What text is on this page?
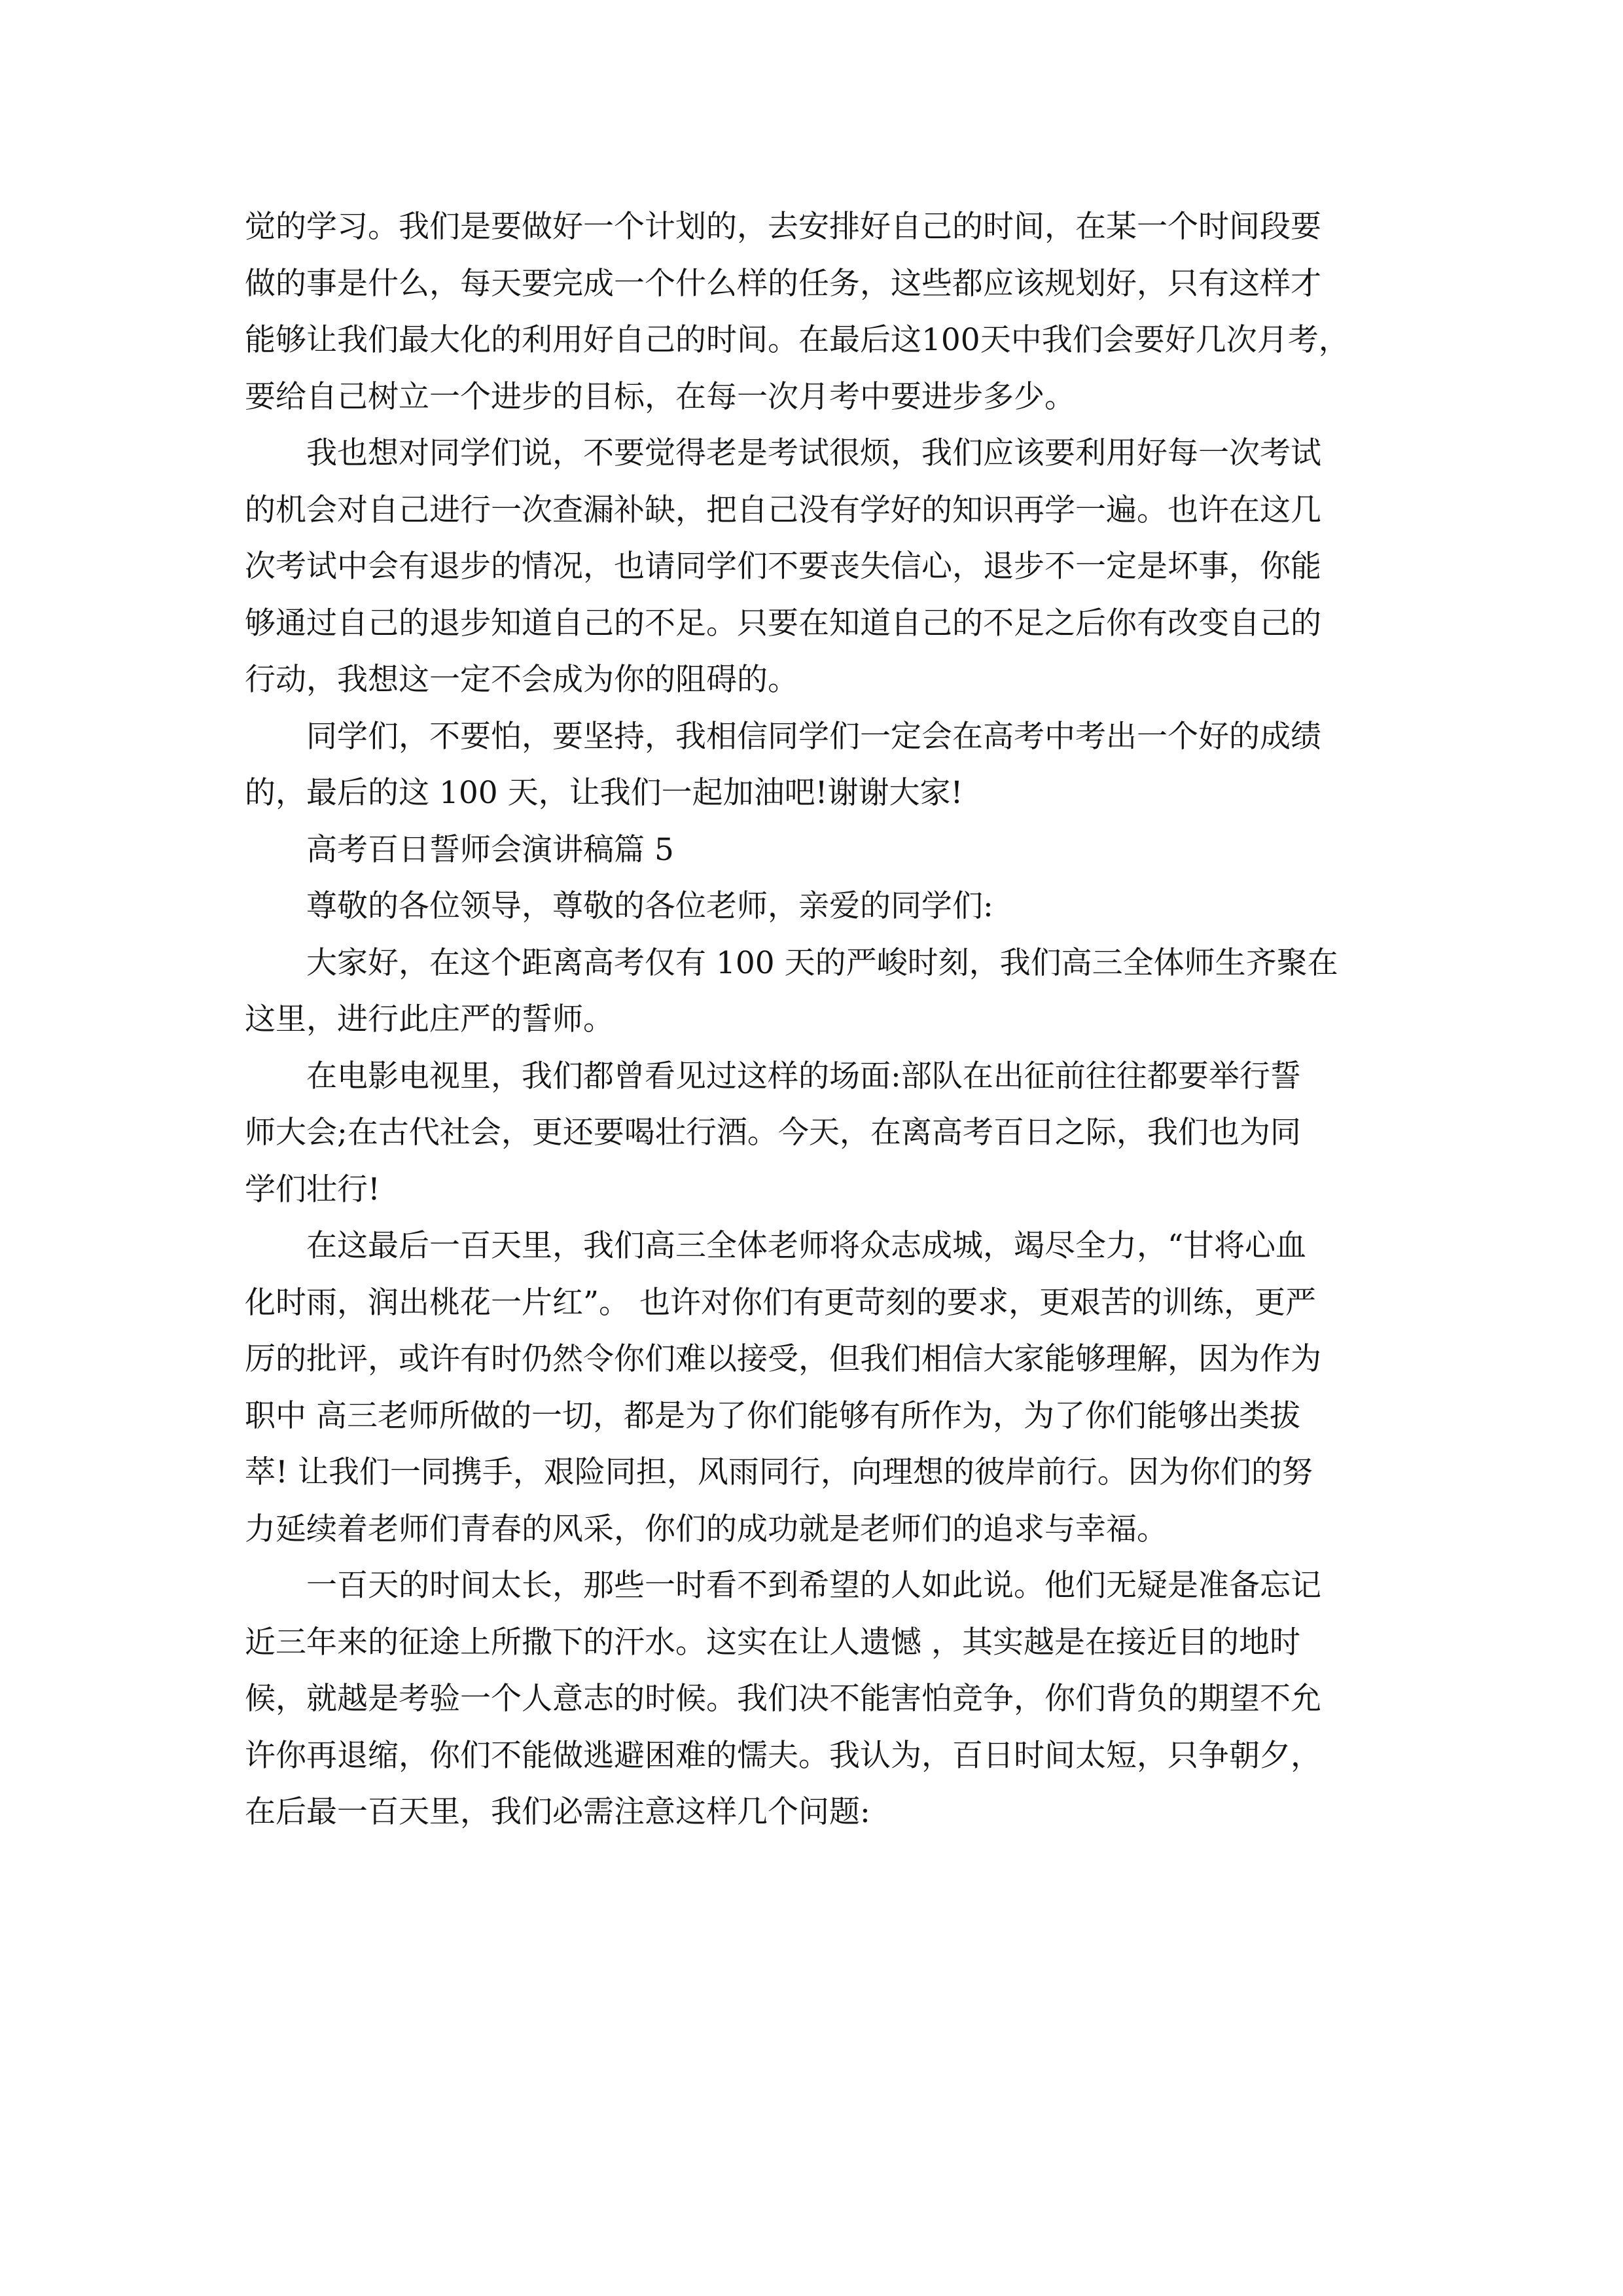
觉的学习。我们是要做好一个计划的，去安排好自己的时间，在某一个时间段要
做的事是什么，每天要完成一个什么样的任务，这些都应该规划好，只有这样才
能够让我们最大化的利用好自己的时间。在最后这100天中我们会要好几次月考，
要给自己树立一个进步的目标，在每一次月考中要进步多少。
我也想对同学们说，不要觉得老是考试很烦，我们应该要利用好每一次考试
的机会对自己进行一次查漏补缺，把自己没有学好的知识再学一遍。也许在这几
次考试中会有退步的情况，也请同学们不要丧失信心，退步不一定是坏事，你能
够通过自己的退步知道自己的不足。只要在知道自己的不足之后你有改变自己的
行动，我想这一定不会成为你的阻碍的。
同学们，不要怕，要坚持，我相信同学们一定会在高考中考出一个好的成绩
的，最后的这 100 天，让我们一起加油吧!谢谢大家!
高考百日誓师会演讲稿篇 5
尊敬的各位领导，尊敬的各位老师，亲爱的同学们:
大家好，在这个距离高考仅有 100 天的严峻时刻，我们高三全体师生齐聚在
这里，进行此庄严的誓师。
在电影电视里，我们都曾看见过这样的场面:部队在出征前往往都要举行誓
师大会;在古代社会，更还要喝壮行酒。今天，在离高考百日之际，我们也为同
学们壮行!
在这最后一百天里，我们高三全体老师将众志成城，竭尽全力，“甘将心血
化时雨，润出桃花一片红”。 也许对你们有更苛刻的要求，更艰苦的训练，更严
厉的批评，或许有时仍然令你们难以接受，但我们相信大家能够理解，因为作为
职中 高三老师所做的一切，都是为了你们能够有所作为，为了你们能够出类拔
萃! 让我们一同携手，艰险同担，风雨同行，向理想的彼岸前行。因为你们的努
力延续着老师们青春的风采，你们的成功就是老师们的追求与幸福。
一百天的时间太长，那些一时看不到希望的人如此说。他们无疑是准备忘记
近三年来的征途上所撒下的汗水。这实在让人遗憾 ，其实越是在接近目的地时
候，就越是考验一个人意志的时候。我们决不能害怕竞争，你们背负的期望不允
许你再退缩，你们不能做逃避困难的懦夫。我认为，百日时间太短，只争朝夕，
在后最一百天里，我们必需注意这样几个问题:
